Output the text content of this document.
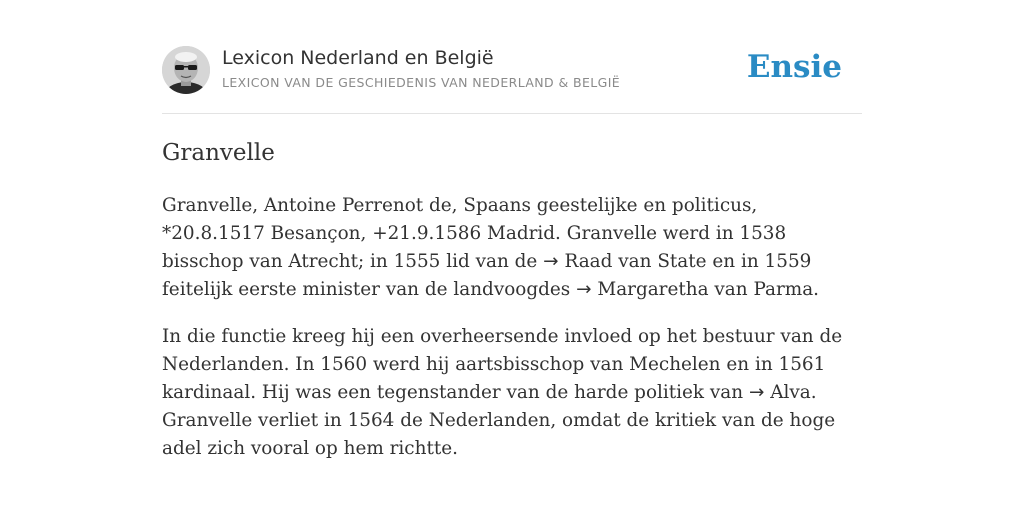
Lexicon Nederland en België
LEXICON VAN DE GESCHIEDENIS VAN NEDERLAND & BELGIË	Ensie
Granvelle

Granvelle, Antoine Perrenot de, Spaans geestelijke en politicus, *20.8.1517 Besançon, +21.9.1586 Madrid. Granvelle werd in 1538 bisschop van Atrecht; in 1555 lid van de → Raad van State en in 1559 feitelijk eerste minister van de landvoogdes → Margaretha van Parma.

In die functie kreeg hij een overheersende invloed op het bestuur van de Nederlanden. In 1560 werd hij aartsbisschop van Mechelen en in 1561 kardinaal. Hij was een tegenstander van de harde politiek van → Alva. Granvelle verliet in 1564 de Nederlanden, omdat de kritiek van de hoge adel zich vooral op hem richtte.
